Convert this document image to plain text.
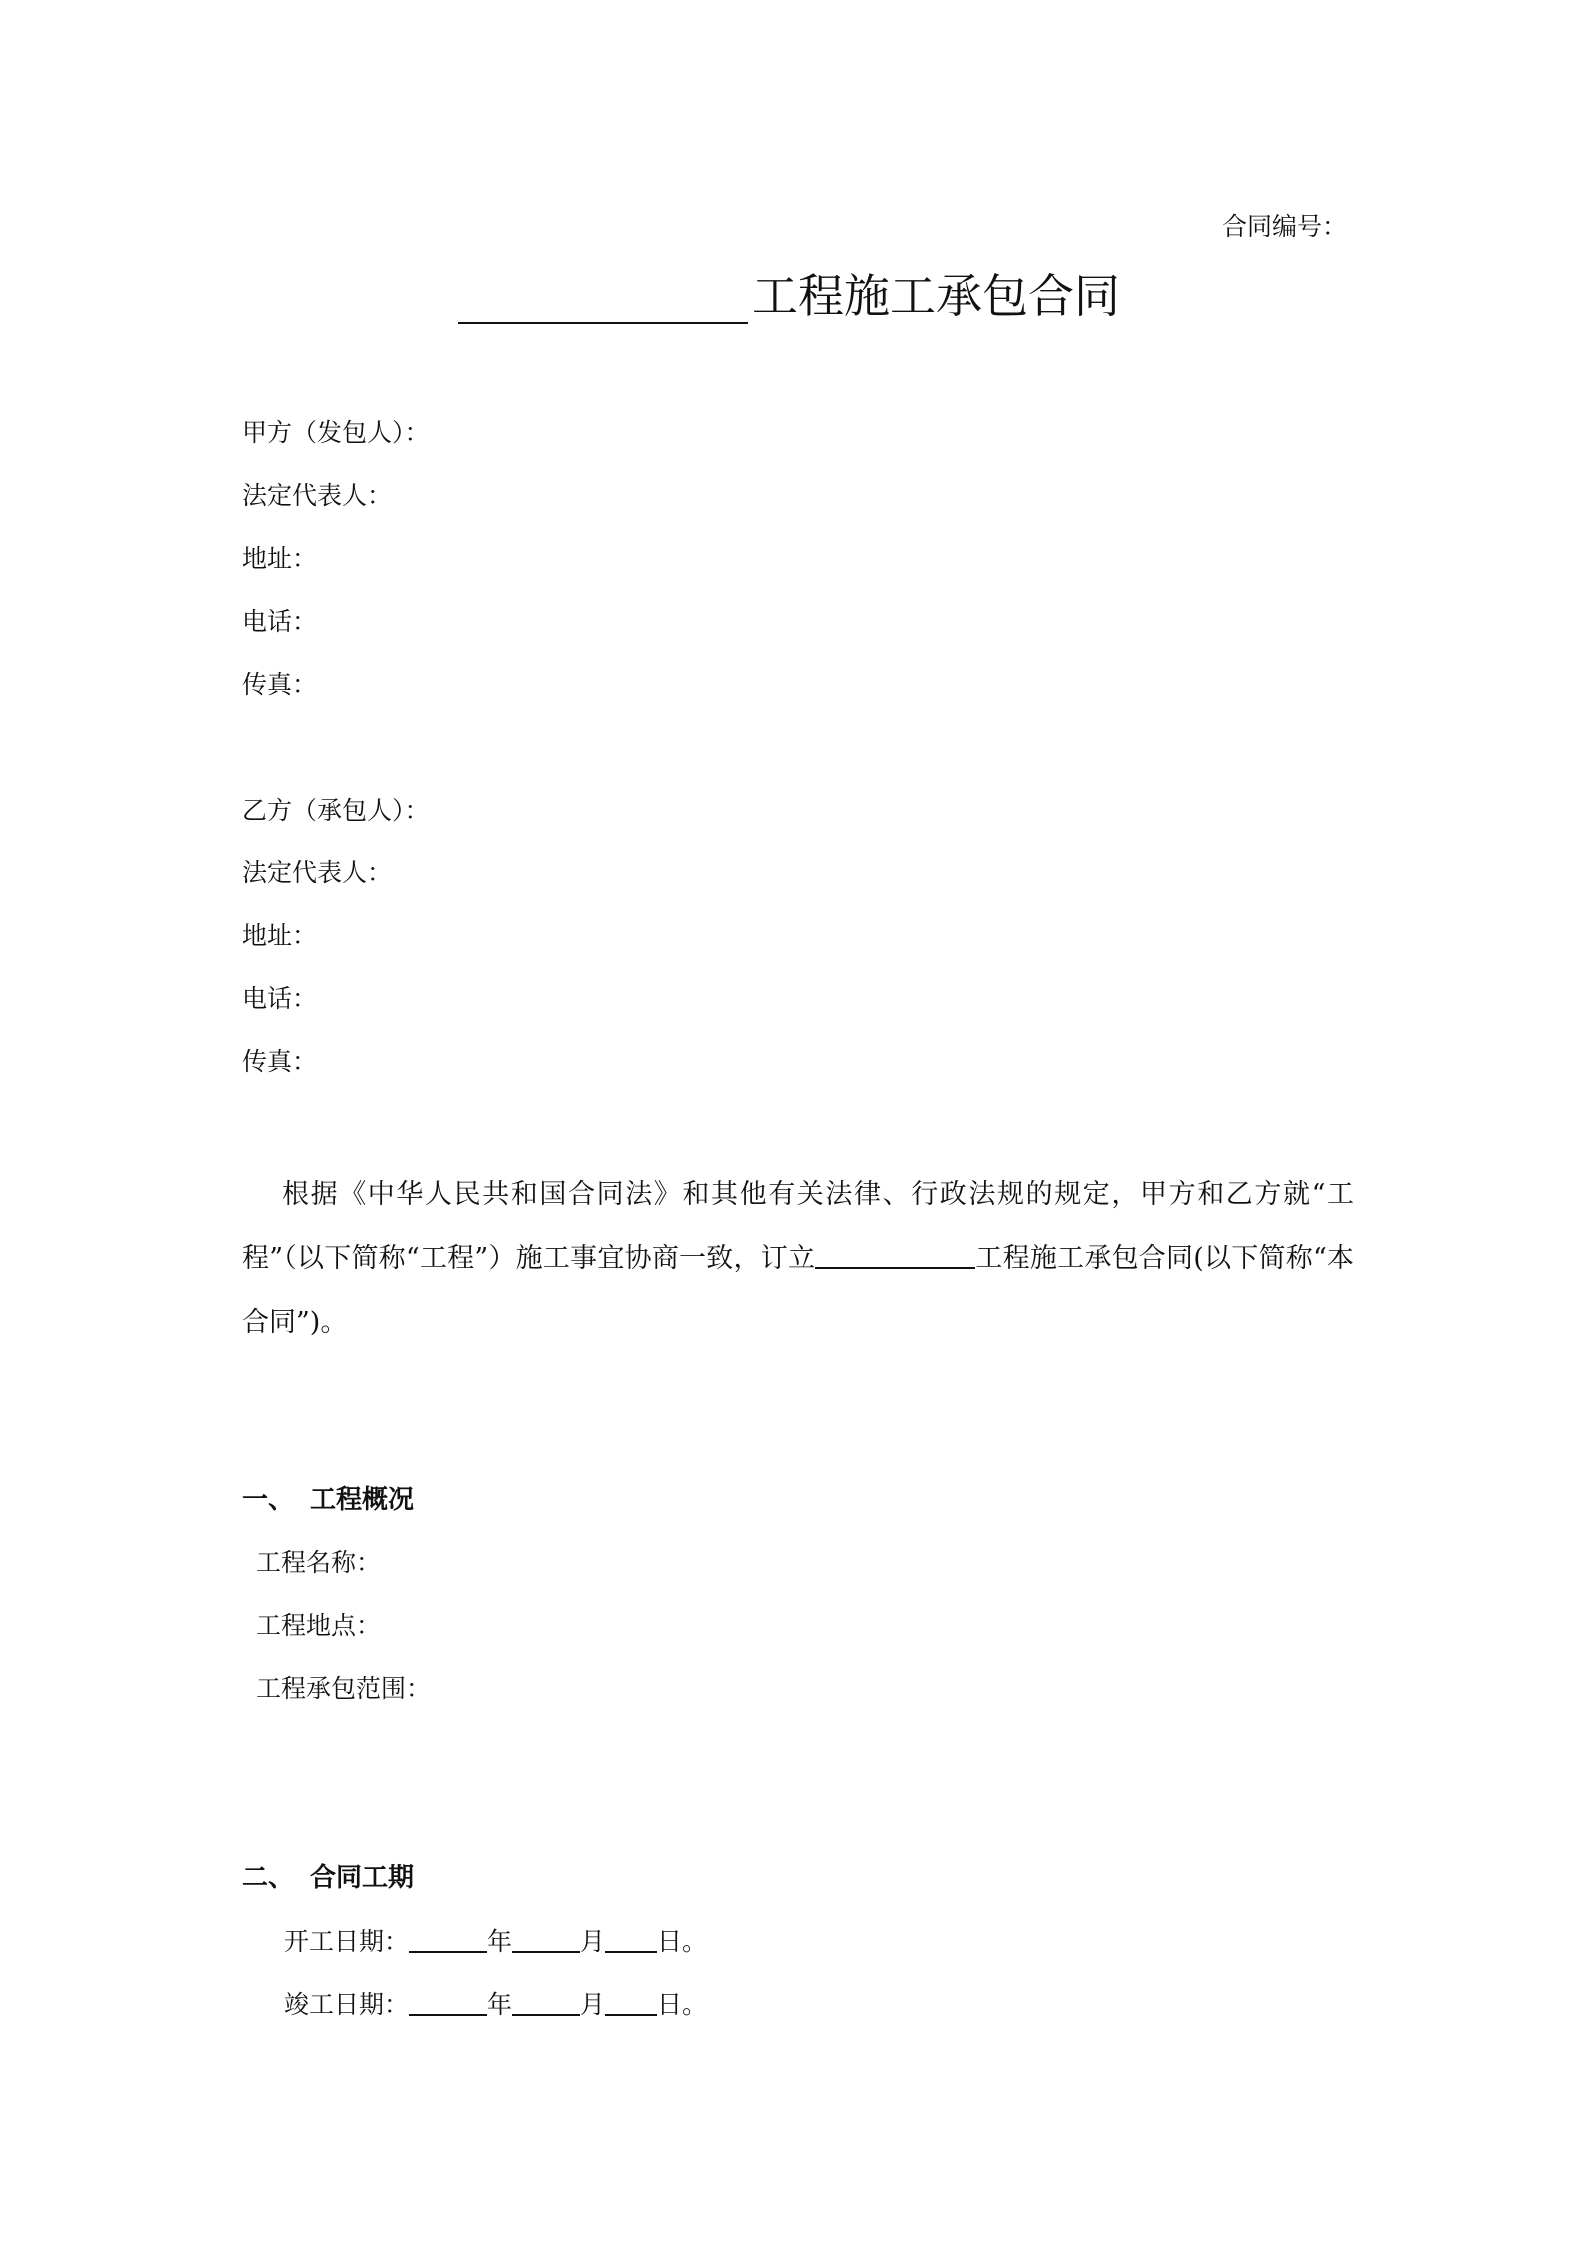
合同编号：
工程施工承包合同
甲方（发包人）：
法定代表人：
地址：
电话：
传真：
乙方（承包人）：
法定代表人：
地址：
电话：
传真：
根据《中华人民共和国合同法》和其他有关法律、行政法规的规定，甲方和乙方就“工程”（以下简称“工程”）施工事宜协商一致，订立	工程施工承包合同(以下简称“本合同”)。
一、 工程概况
工程名称：
工程地点：
工程承包范围：
二、 合同工期
开工日期：	年	月 日。
竣工日期：	年	月 日。
